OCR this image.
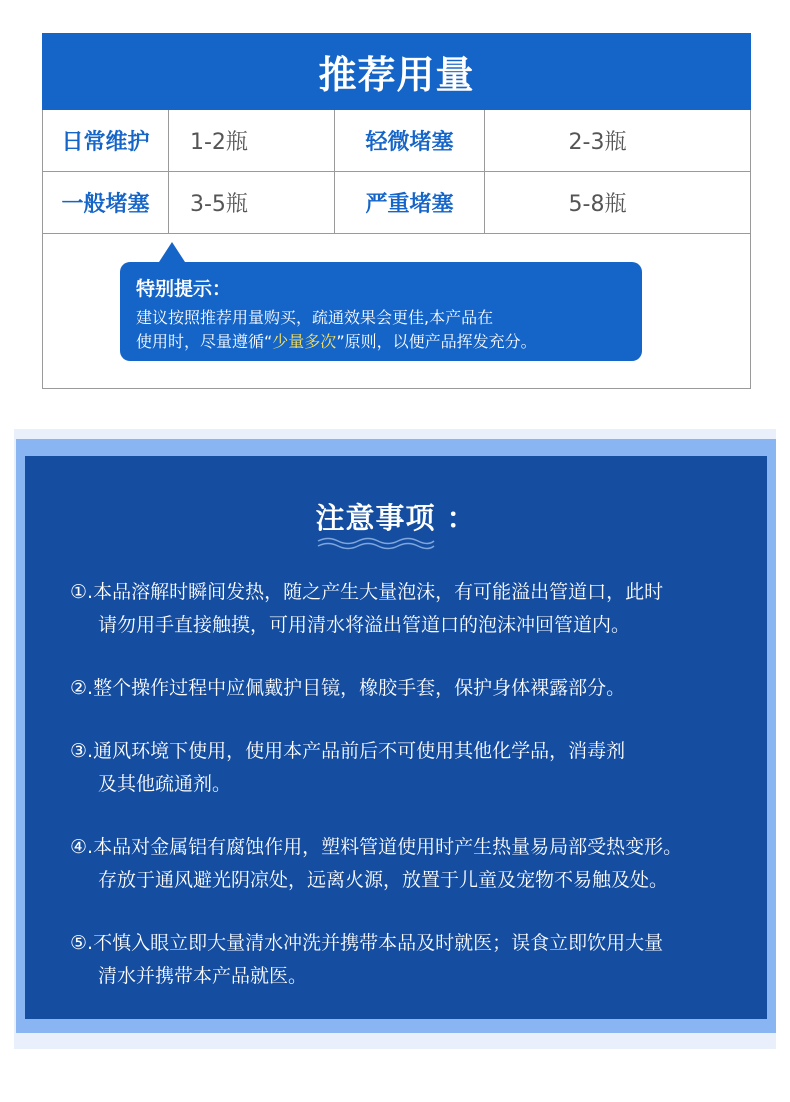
推荐用量
日常维护	1-2瓶	轻微堵塞	2-3瓶
一般堵塞	3-5瓶	严重堵塞	5-8瓶
特别提示：
建议按照推荐用量购买，疏通效果会更佳,本产品在
使用时，尽量遵循“少量多次”原则，以便产品挥发充分。
注意事项 ：
①.本品溶解时瞬间发热，随之产生大量泡沫，有可能溢出管道口，此时
请勿用手直接触摸，可用清水将溢出管道口的泡沫冲回管道内。
②.整个操作过程中应佩戴护目镜，橡胶手套，保护身体裸露部分。
③.通风环境下使用，使用本产品前后不可使用其他化学品，消毒剂
及其他疏通剂。
④.本品对金属铝有腐蚀作用，塑料管道使用时产生热量易局部受热变形。
存放于通风避光阴凉处，远离火源，放置于儿童及宠物不易触及处。
⑤.不慎入眼立即大量清水冲洗并携带本品及时就医；误食立即饮用大量
清水并携带本产品就医。
